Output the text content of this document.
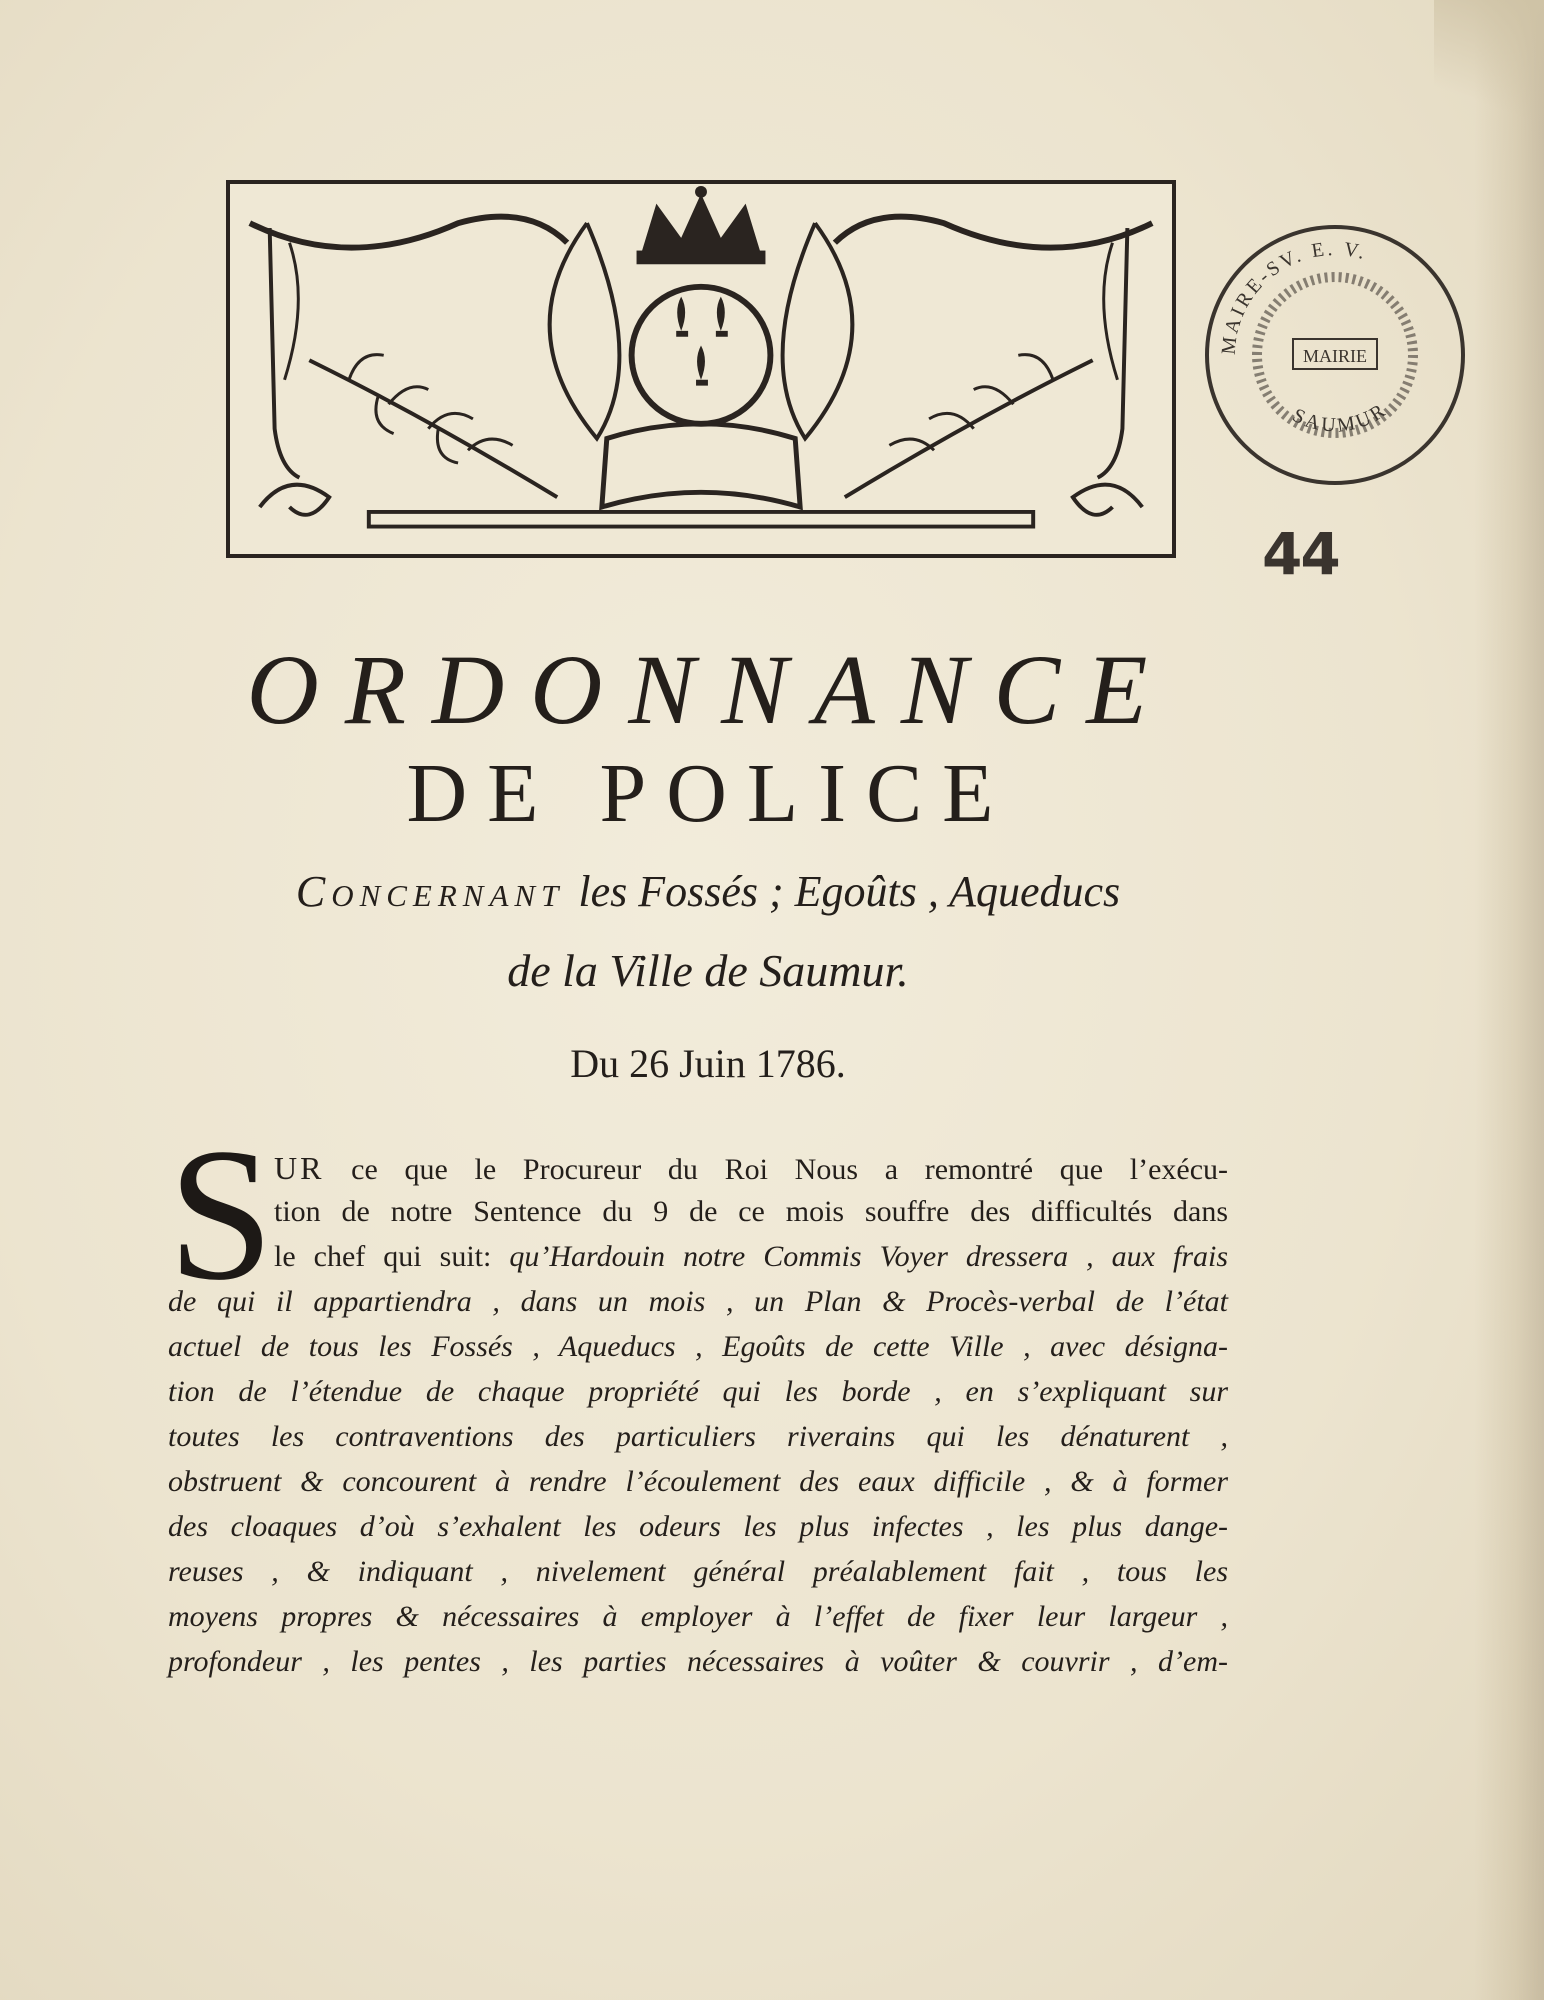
MAIRE-SV. E. V.
MAIRIE
SAUMUR
44
ORDONNANCE
DE POLICE
Concernant les Fossés ; Egoûts , Aqueducs
de la Ville de Saumur.
Du 26 Juin 1786.
S UR ce que le Procureur du Roi Nous a remontré que l’exécu-
tion de notre Sentence du 9 de ce mois souffre des difficultés dans
le chef qui suit: qu’Hardouin notre Commis Voyer dressera , aux frais
de qui il appartiendra , dans un mois , un Plan & Procès-verbal de l’état
actuel de tous les Fossés , Aqueducs , Egoûts de cette Ville , avec désigna-
tion de l’étendue de chaque propriété qui les borde , en s’expliquant sur
toutes les contraventions des particuliers riverains qui les dénaturent ,
obstruent & concourent à rendre l’écoulement des eaux difficile , & à former
des cloaques d’où s’exhalent les odeurs les plus infectes , les plus dange-
reuses , & indiquant , nivelement général préalablement fait , tous les
moyens propres & nécessaires à employer à l’effet de fixer leur largeur ,
profondeur , les pentes , les parties nécessaires à voûter & couvrir , d’em-
